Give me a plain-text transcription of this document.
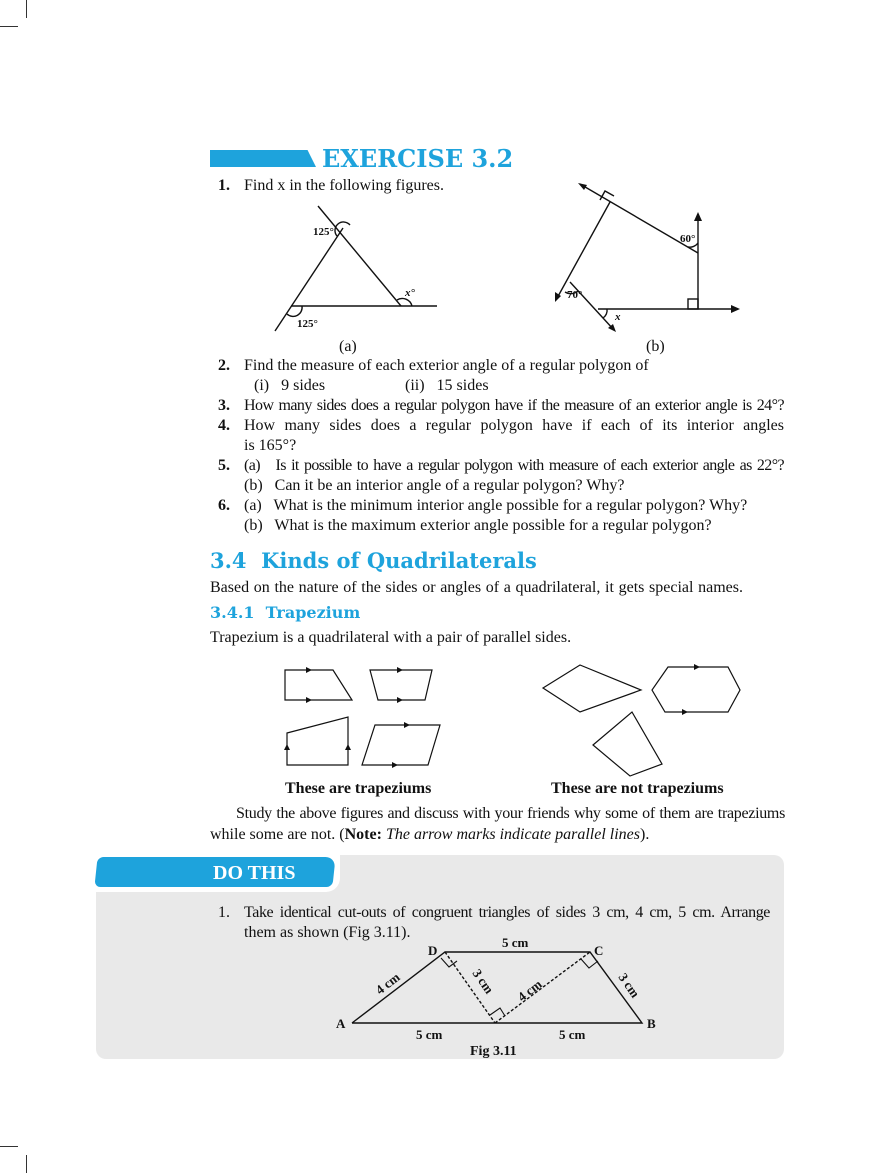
EXERCISE 3.2
1. Find x in the following figures.
125°
125°
x°
60°
70°
x
(a)	(b)
2. Find the measure of each exterior angle of a regular polygon of
(i)   9 sides	(ii)   15 sides
3. How many sides does a regular polygon have if the measure of an exterior angle is 24°?
4. How many sides does a regular polygon have if each of its interior angles
is 165°?
5. (a)   Is it possible to have a regular polygon with measure of each exterior angle as 22°?
(b)   Can it be an interior angle of a regular polygon? Why?
6. (a)   What is the minimum interior angle possible for a regular polygon? Why?
(b)   What is the maximum exterior angle possible for a regular polygon?
3.4  Kinds of Quadrilaterals
Based on the nature of the sides or angles of a quadrilateral, it gets special names.
3.4.1  Trapezium
Trapezium is a quadrilateral with a pair of parallel sides.
These are trapeziums	These are not trapeziums
Study the above figures and discuss with your friends why some of them are trapeziums
while some are not. (Note: The arrow marks indicate parallel lines).
DO THIS
1. Take identical cut-outs of congruent triangles of sides 3 cm, 4 cm, 5 cm. Arrange
them as shown (Fig 3.11).
A	B
C
D
5 cm
4 cm	3 cm 4 cm	3 cm
5 cm	5 cm
Fig 3.11
